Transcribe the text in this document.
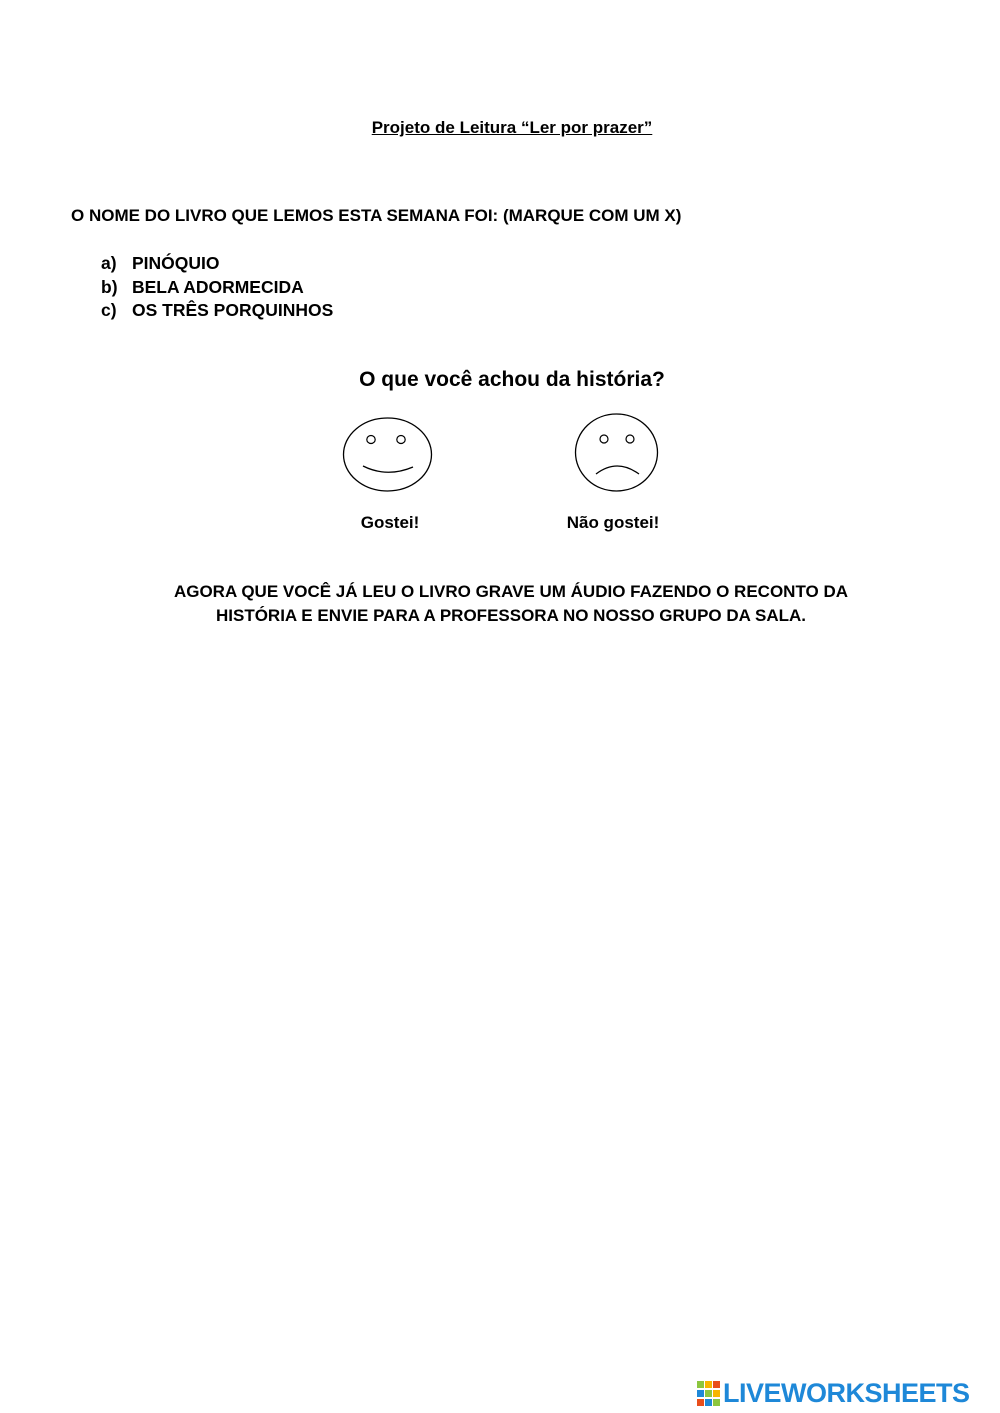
Projeto de Leitura “Ler por prazer”
O NOME DO LIVRO QUE LEMOS ESTA SEMANA FOI: (MARQUE COM UM X)
a) PINÓQUIO
b) BELA ADORMECIDA
c) OS TRÊS PORQUINHOS
O que você achou da história?
Gostei!	Não gostei!
AGORA QUE VOCÊ JÁ LEU O LIVRO GRAVE UM ÁUDIO FAZENDO O RECONTO DA
HISTÓRIA E ENVIE PARA A PROFESSORA NO NOSSO GRUPO DA SALA.
LIVEWORKSHEETS
